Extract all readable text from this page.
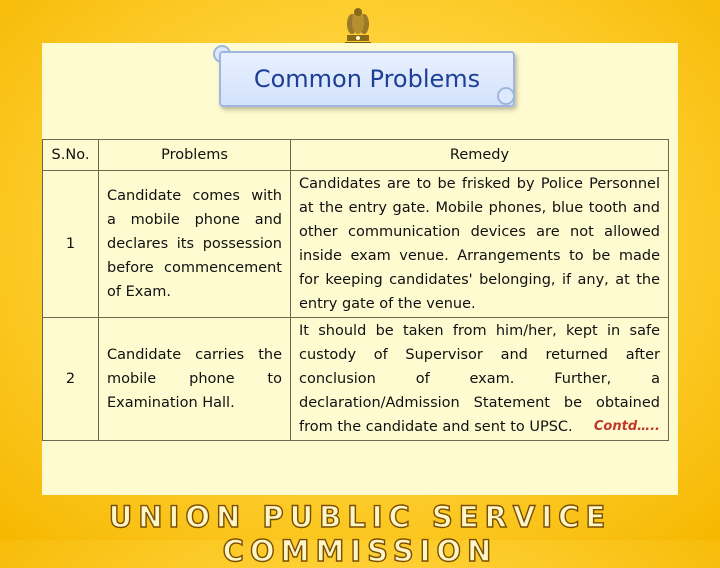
Common Problems
S.No.	Problems	Remedy
1	Candidate comes with a mobile phone and declares its possession before commencement of Exam.	Candidates are to be frisked by Police Personnel at the entry gate. Mobile phones, blue tooth and other communication devices are not allowed inside exam venue. Arrangements to be made for keeping candidates' belonging, if any, at the entry gate of the venue.
2	Candidate carries the mobile phone to Examination Hall.	It should be taken from him/her, kept in safe custody of Supervisor and returned after conclusion of exam. Further, a declaration/Admission Statement be obtained from the candidate and sent to UPSC. Contd…..
UNION PUBLIC SERVICE COMMISSION
